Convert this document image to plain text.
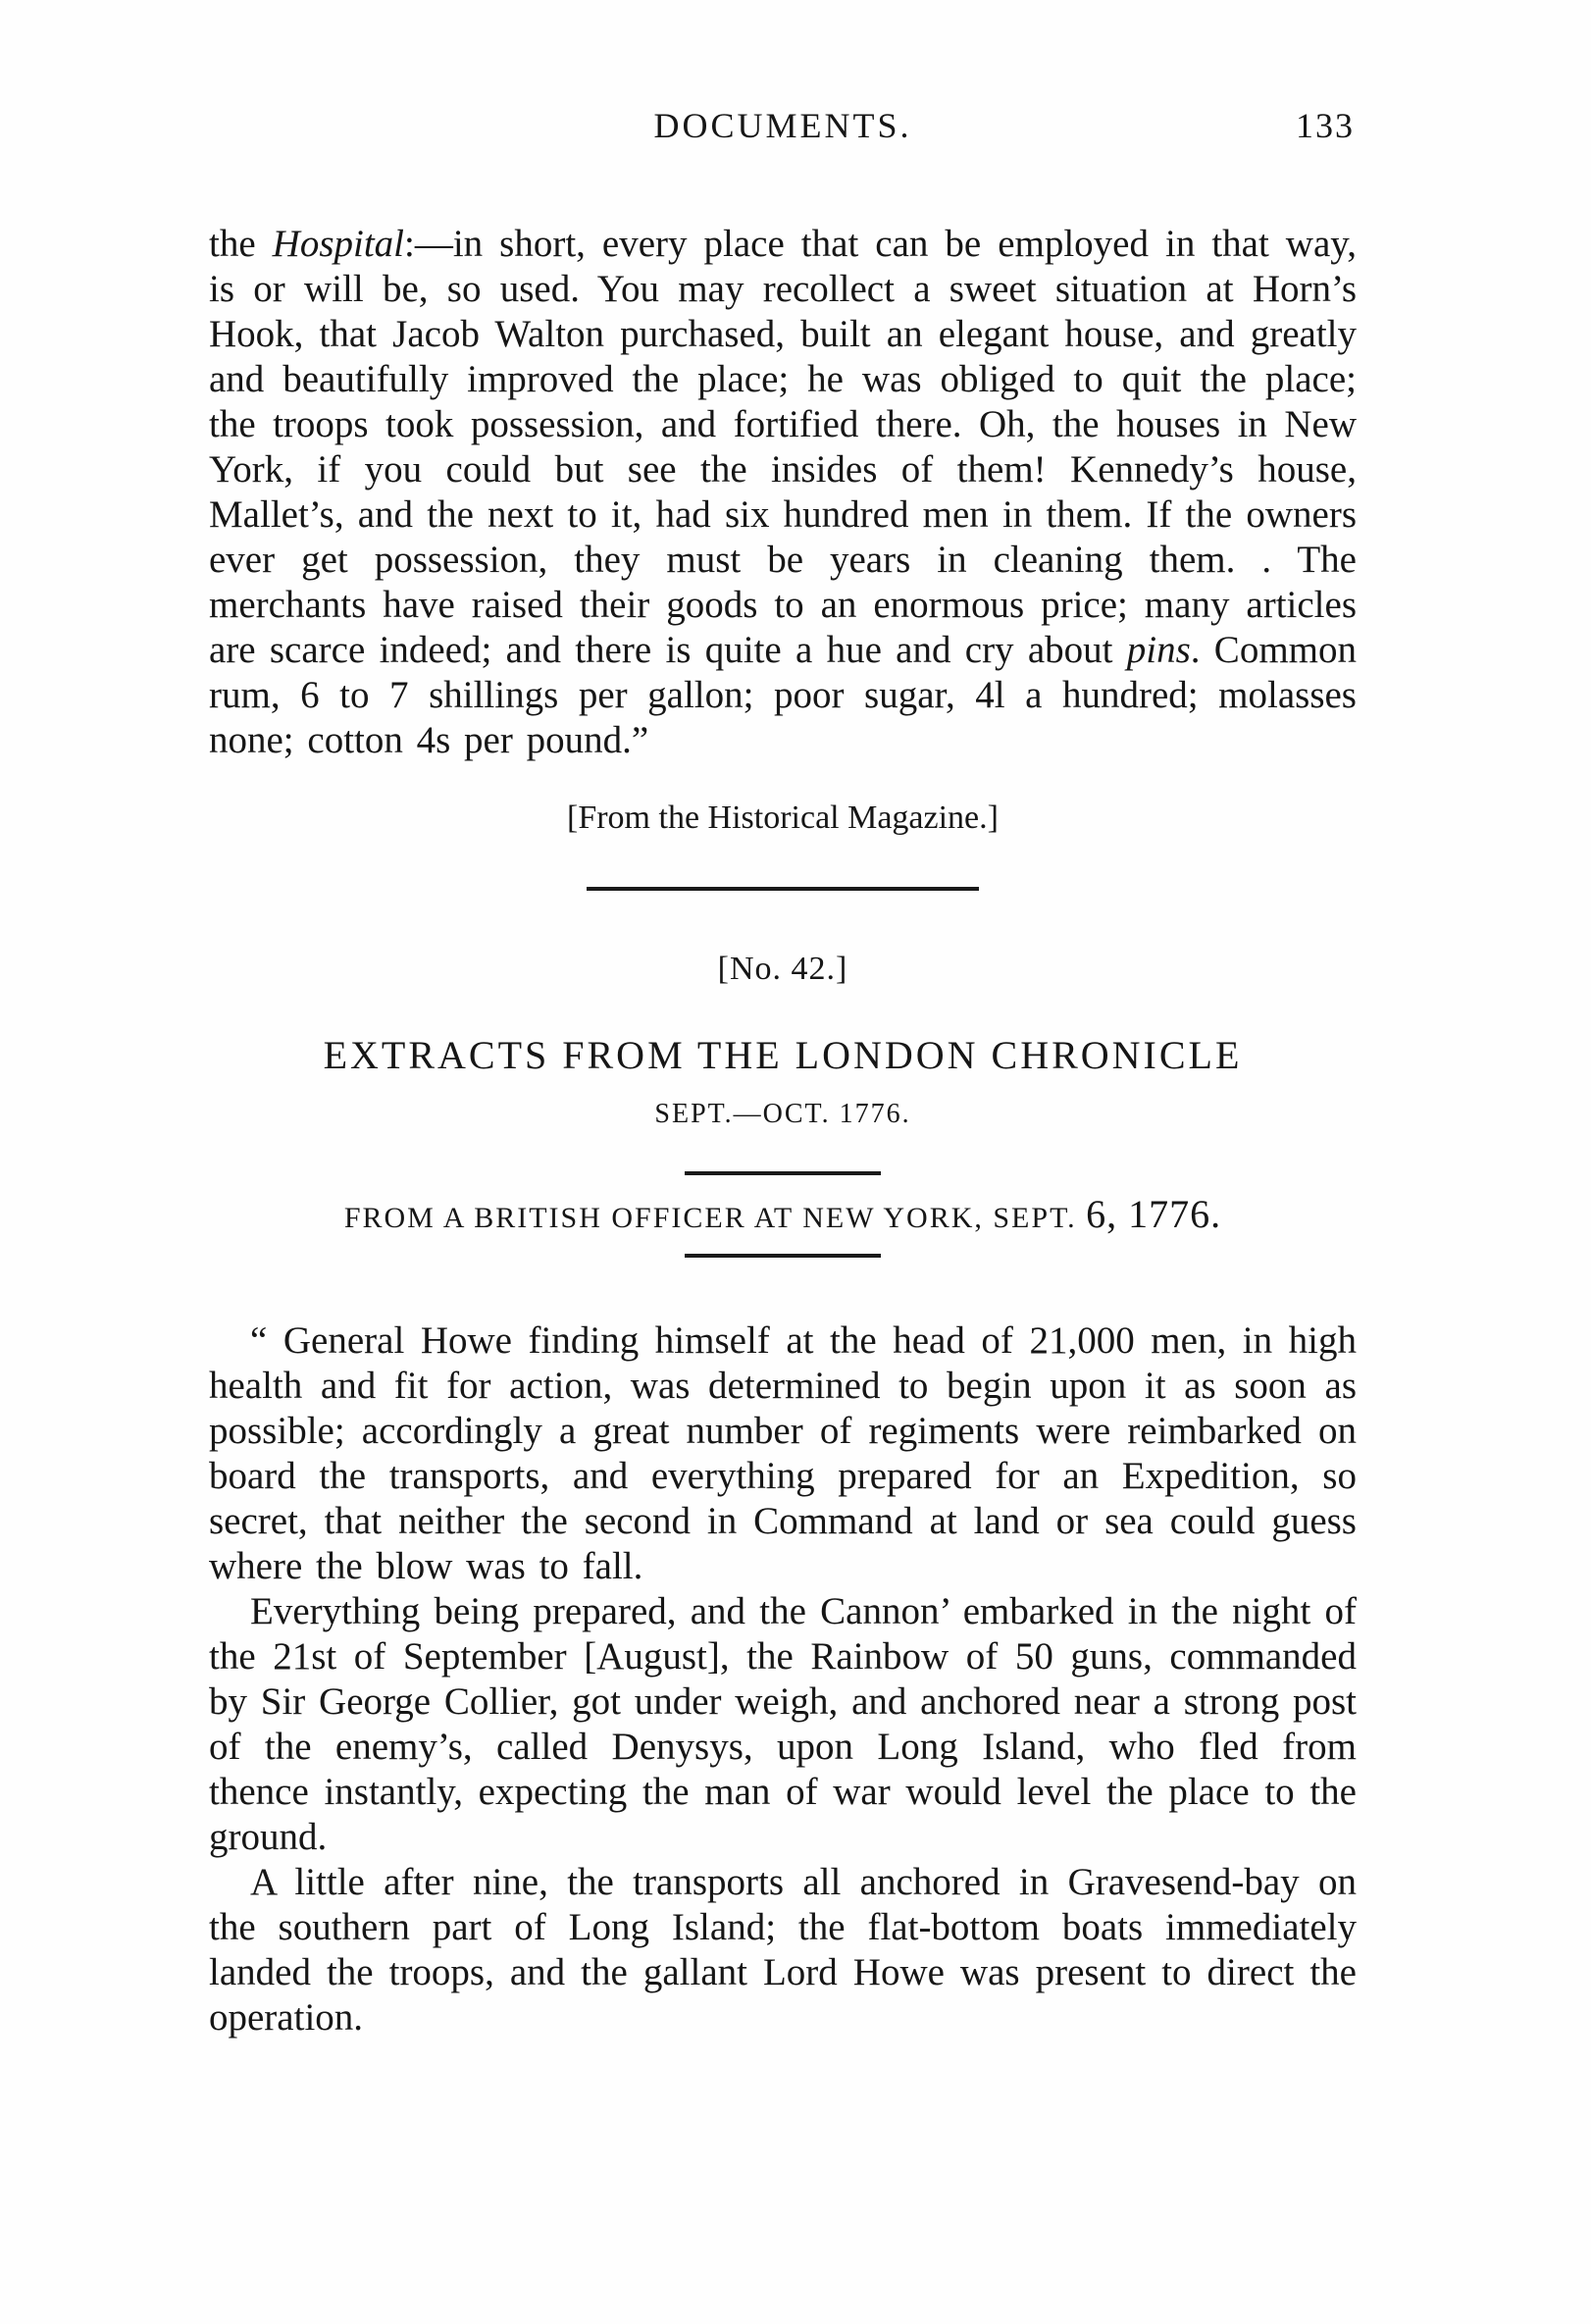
DOCUMENTS.	133

the Hospital:—in short, every place that can be employed in that way, is or will be, so used. You may recollect a sweet situation at Horn’s Hook, that Jacob Walton purchased, built an elegant house, and greatly and beautifully improved the place; he was obliged to quit the place; the troops took possession, and fortified there. Oh, the houses in New York, if you could but see the insides of them! Kennedy’s house, Mallet’s, and the next to it, had six hundred men in them. If the owners ever get possession, they must be years in cleaning them. . The merchants have raised their goods to an enormous price; many articles are scarce indeed; and there is quite a hue and cry about pins. Common rum, 6 to 7 shillings per gallon; poor sugar, 4l a hundred; molasses none; cotton 4s per pound.”

[From the Historical Magazine.]

[No. 42.]

EXTRACTS FROM THE LONDON CHRONICLE
SEPT.—OCT. 1776.
FROM A BRITISH OFFICER AT NEW YORK, SEPT. 6, 1776.

“ General Howe finding himself at the head of 21,000 men, in high health and fit for action, was determined to begin upon it as soon as possible; accordingly a great number of regiments were reimbarked on board the transports, and everything prepared for an Expedition, so secret, that neither the second in Command at land or sea could guess where the blow was to fall.

Everything being prepared, and the Cannon’ embarked in the night of the 21st of September [August], the Rainbow of 50 guns, commanded by Sir George Collier, got under weigh, and anchored near a strong post of the enemy’s, called Denysys, upon Long Island, who fled from thence instantly, expecting the man of war would level the place to the ground.

A little after nine, the transports all anchored in Gravesend-bay on the southern part of Long Island; the flat-bottom boats immediately landed the troops, and the gallant Lord Howe was present to direct the operation.
